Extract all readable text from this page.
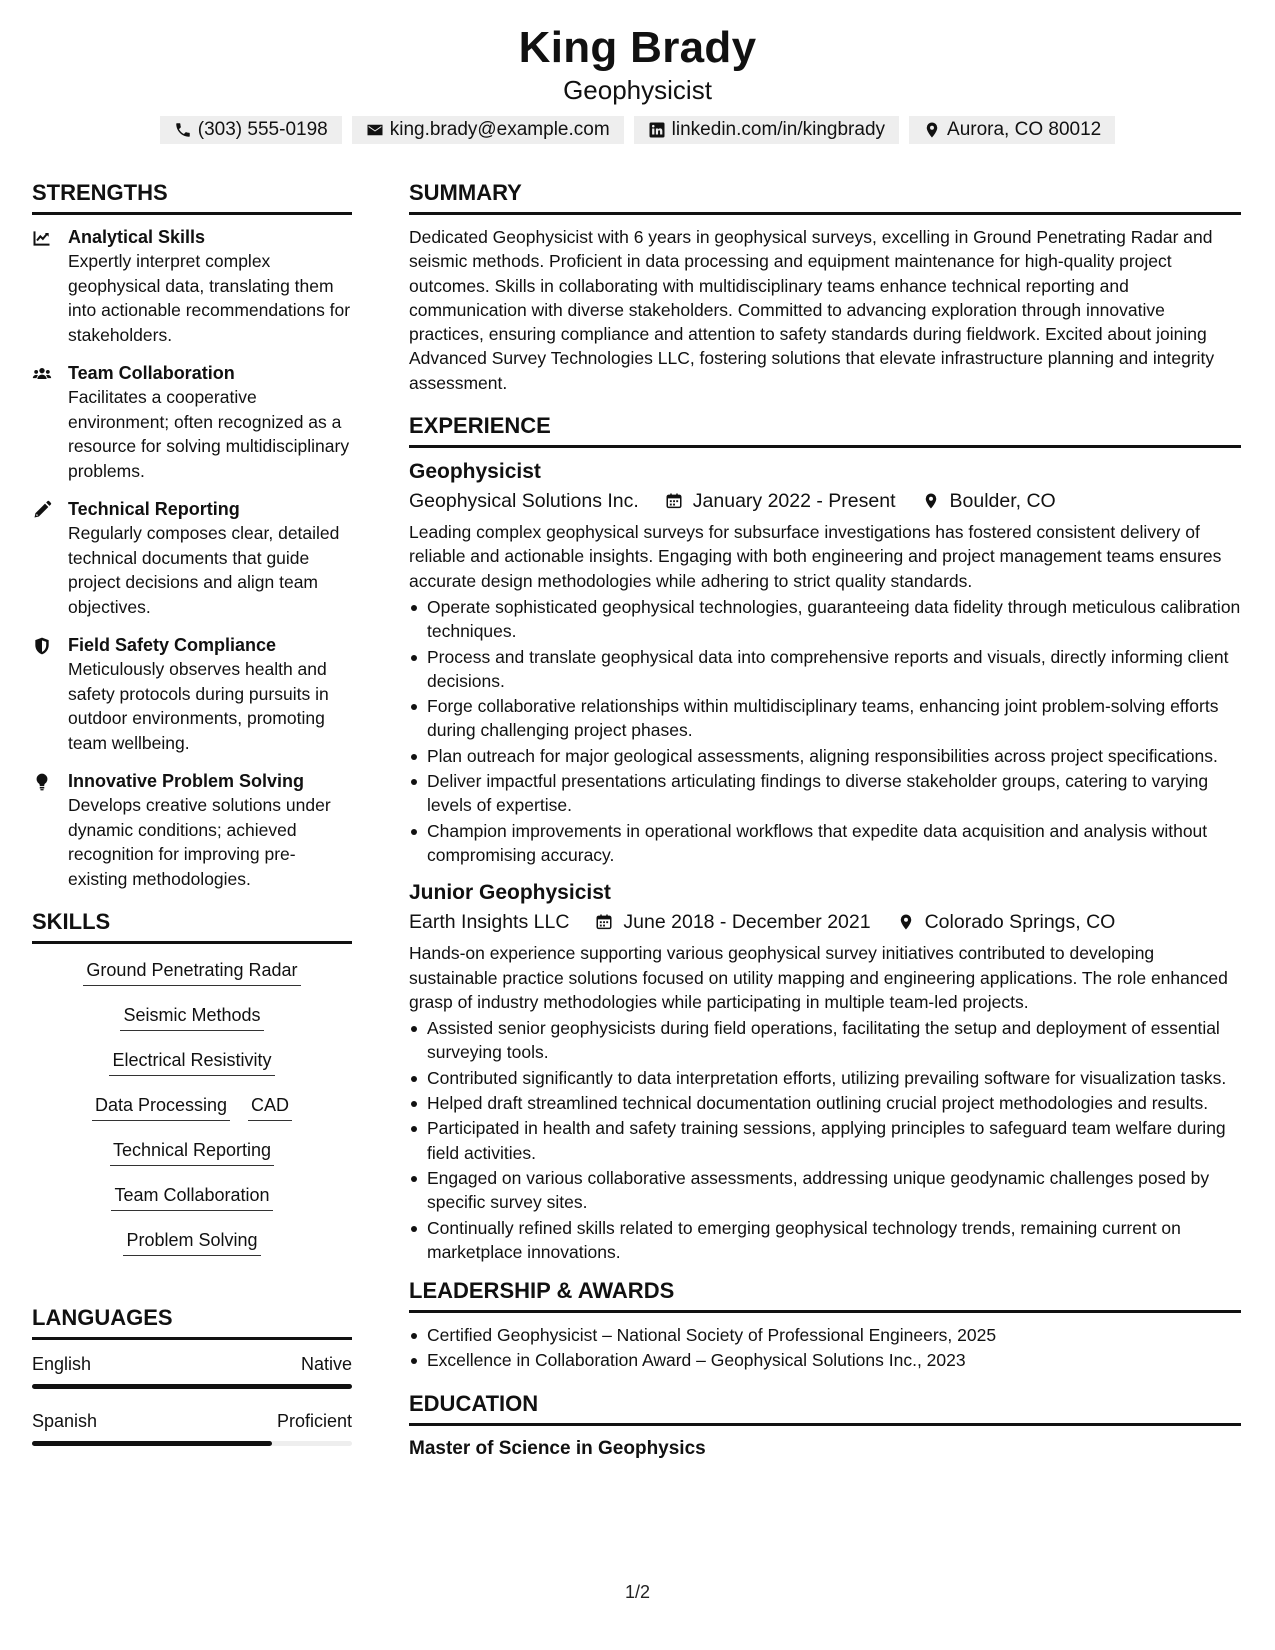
King Brady
Geophysicist
(303) 555-0198	king.brady@example.com	linkedin.com/in/kingbrady	Aurora, CO 80012
STRENGTHS
Analytical Skills
Expertly interpret complex geophysical data, translating them into actionable recommendations for stakeholders.
Team Collaboration
Facilitates a cooperative environment; often recognized as a resource for solving multidisciplinary problems.
Technical Reporting
Regularly composes clear, detailed technical documents that guide project decisions and align team objectives.
Field Safety Compliance
Meticulously observes health and safety protocols during pursuits in outdoor environments, promoting team wellbeing.
Innovative Problem Solving
Develops creative solutions under dynamic conditions; achieved recognition for improving pre-existing methodologies.
SKILLS
Ground Penetrating Radar
Seismic Methods
Electrical Resistivity
Data Processing CAD
Technical Reporting
Team Collaboration
Problem Solving
LANGUAGES
English	Native
Spanish	Proficient
SUMMARY
Dedicated Geophysicist with 6 years in geophysical surveys, excelling in Ground Penetrating Radar and seismic methods. Proficient in data processing and equipment maintenance for high-quality project outcomes. Skills in collaborating with multidisciplinary teams enhance technical reporting and communication with diverse stakeholders. Committed to advancing exploration through innovative practices, ensuring compliance and attention to safety standards during fieldwork. Excited about joining Advanced Survey Technologies LLC, fostering solutions that elevate infrastructure planning and integrity assessment.
EXPERIENCE
Geophysicist
Geophysical Solutions Inc.	January 2022 - Present	Boulder, CO
Leading complex geophysical surveys for subsurface investigations has fostered consistent delivery of reliable and actionable insights. Engaging with both engineering and project management teams ensures accurate design methodologies while adhering to strict quality standards.
Operate sophisticated geophysical technologies, guaranteeing data fidelity through meticulous calibration techniques.
Process and translate geophysical data into comprehensive reports and visuals, directly informing client decisions.
Forge collaborative relationships within multidisciplinary teams, enhancing joint problem-solving efforts during challenging project phases.
Plan outreach for major geological assessments, aligning responsibilities across project specifications.
Deliver impactful presentations articulating findings to diverse stakeholder groups, catering to varying levels of expertise.
Champion improvements in operational workflows that expedite data acquisition and analysis without compromising accuracy.
Junior Geophysicist
Earth Insights LLC	June 2018 - December 2021	Colorado Springs, CO
Hands-on experience supporting various geophysical survey initiatives contributed to developing sustainable practice solutions focused on utility mapping and engineering applications. The role enhanced grasp of industry methodologies while participating in multiple team-led projects.
Assisted senior geophysicists during field operations, facilitating the setup and deployment of essential surveying tools.
Contributed significantly to data interpretation efforts, utilizing prevailing software for visualization tasks.
Helped draft streamlined technical documentation outlining crucial project methodologies and results.
Participated in health and safety training sessions, applying principles to safeguard team welfare during field activities.
Engaged on various collaborative assessments, addressing unique geodynamic challenges posed by specific survey sites.
Continually refined skills related to emerging geophysical technology trends, remaining current on marketplace innovations.
LEADERSHIP & AWARDS
Certified Geophysicist – National Society of Professional Engineers, 2025
Excellence in Collaboration Award – Geophysical Solutions Inc., 2023
EDUCATION
Master of Science in Geophysics
1/2
